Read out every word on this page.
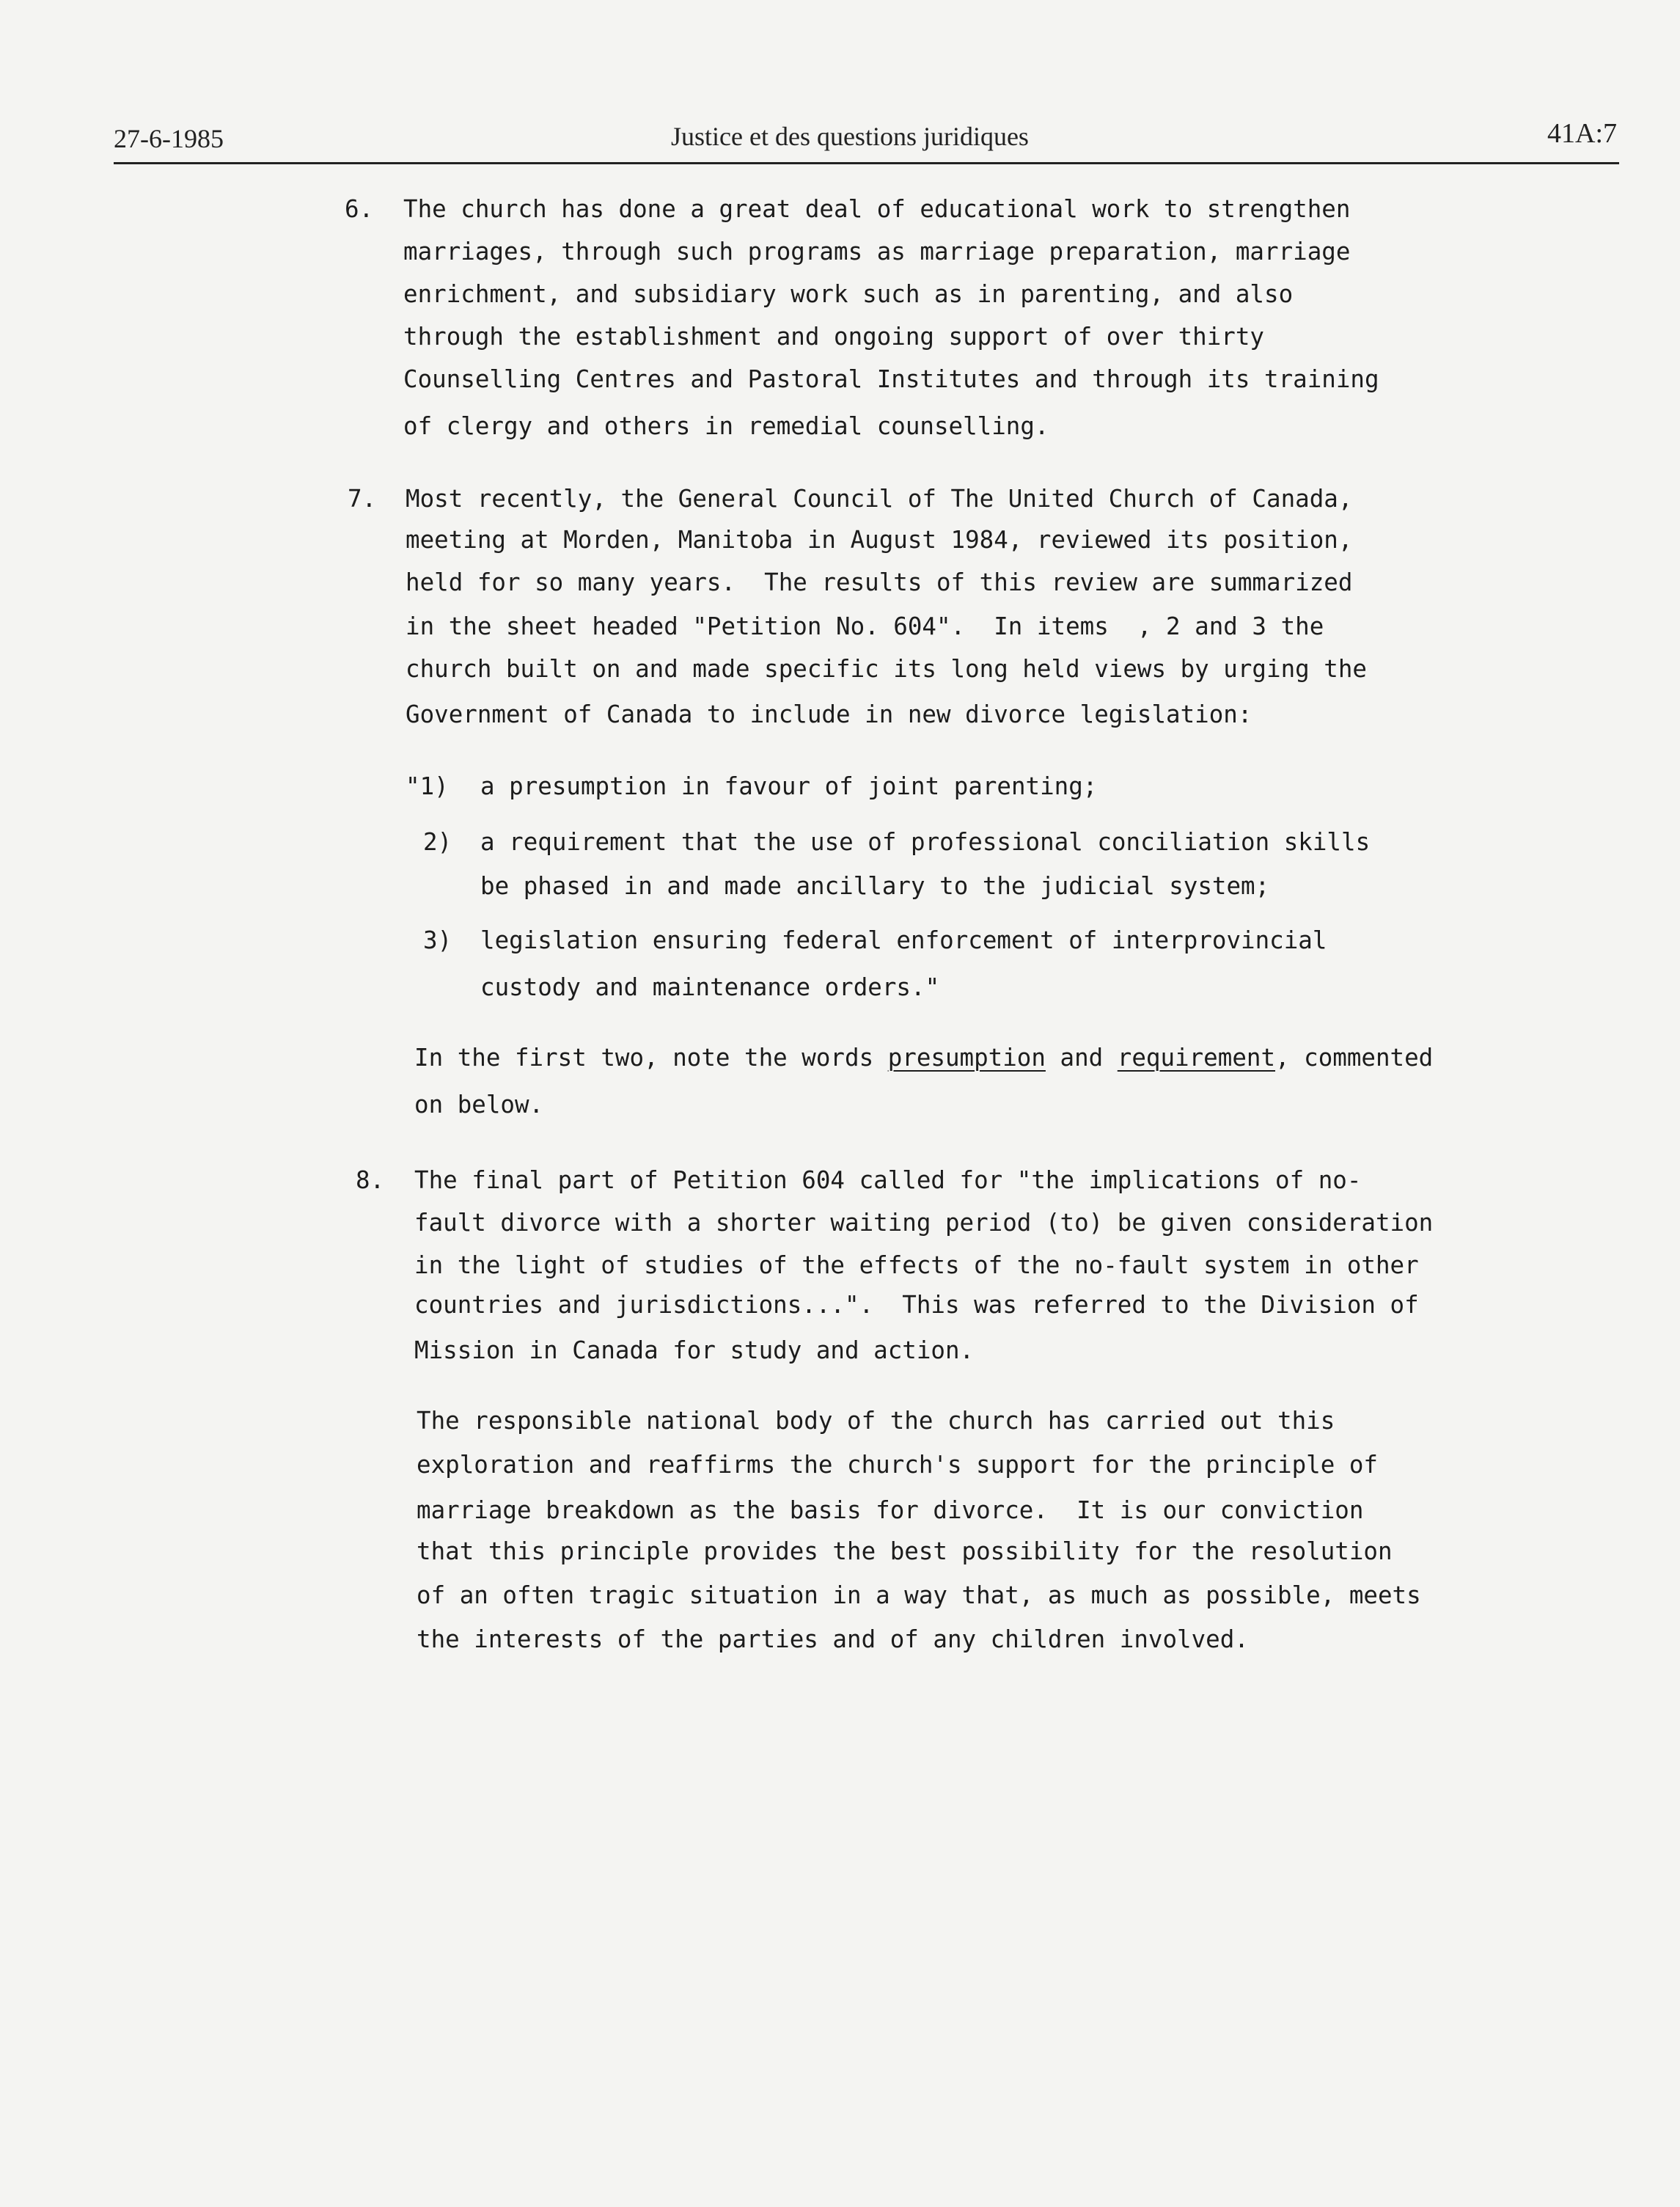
27-6-1985	Justice et des questions juridiques	41A:7
6. The church has done a great deal of educational work to strengthen
marriages, through such programs as marriage preparation, marriage
enrichment, and subsidiary work such as in parenting, and also
through the establishment and ongoing support of over thirty
Counselling Centres and Pastoral Institutes and through its training
of clergy and others in remedial counselling.
7. Most recently, the General Council of The United Church of Canada,
meeting at Morden, Manitoba in August 1984, reviewed its position,
held for so many years.  The results of this review are summarized
in the sheet headed "Petition No. 604".  In items  , 2 and 3 the
church built on and made specific its long held views by urging the
Government of Canada to include in new divorce legislation:
"1) a presumption in favour of joint parenting;
2) a requirement that the use of professional conciliation skills
be phased in and made ancillary to the judicial system;
3) legislation ensuring federal enforcement of interprovincial
custody and maintenance orders."
In the first two, note the words presumption and requirement, commented
on below.
8. The final part of Petition 604 called for "the implications of no-
fault divorce with a shorter waiting period (to) be given consideration
in the light of studies of the effects of the no-fault system in other
countries and jurisdictions...".  This was referred to the Division of
Mission in Canada for study and action.
The responsible national body of the church has carried out this
exploration and reaffirms the church's support for the principle of
marriage breakdown as the basis for divorce.  It is our conviction
that this principle provides the best possibility for the resolution
of an often tragic situation in a way that, as much as possible, meets
the interests of the parties and of any children involved.
